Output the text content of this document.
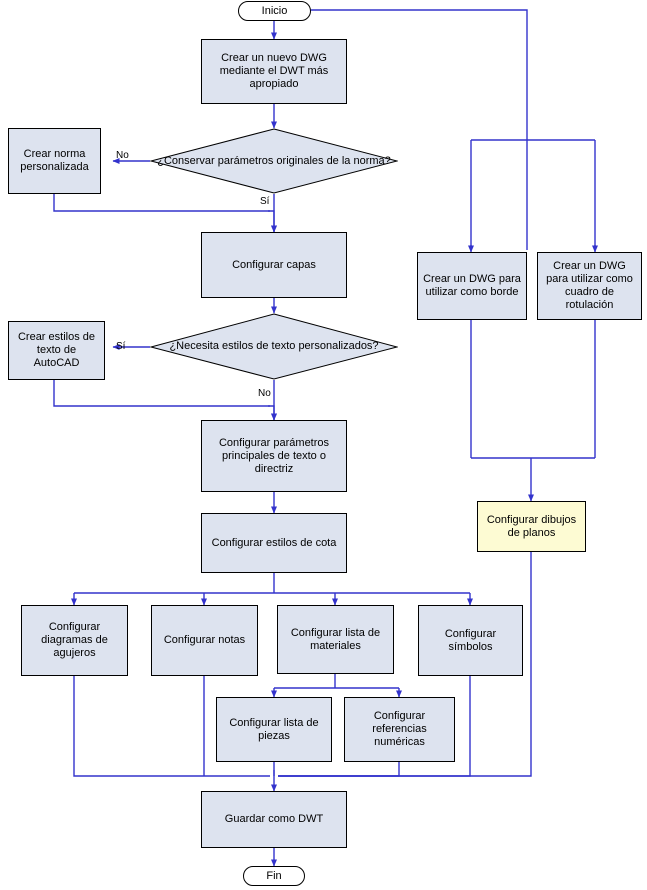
Inicio
Crear un nuevo DWG mediante el DWT más apropiado
¿Conservar parámetros originales de la norma?
Crear norma personalizada
Configurar capas
¿Necesita estilos de texto personalizados?
Crear estilos de texto de AutoCAD
Configurar parámetros principales de texto o directriz
Configurar estilos de cota
Configurar diagramas de agujeros
Configurar notas
Configurar lista de materiales
Configurar símbolos
Configurar lista de piezas
Configurar referencias numéricas
Guardar como DWT
Fin
Crear un DWG para utilizar como borde
Crear un DWG para utilizar como cuadro de rotulación
Configurar dibujos de planos
No
Sí
Sí
No
